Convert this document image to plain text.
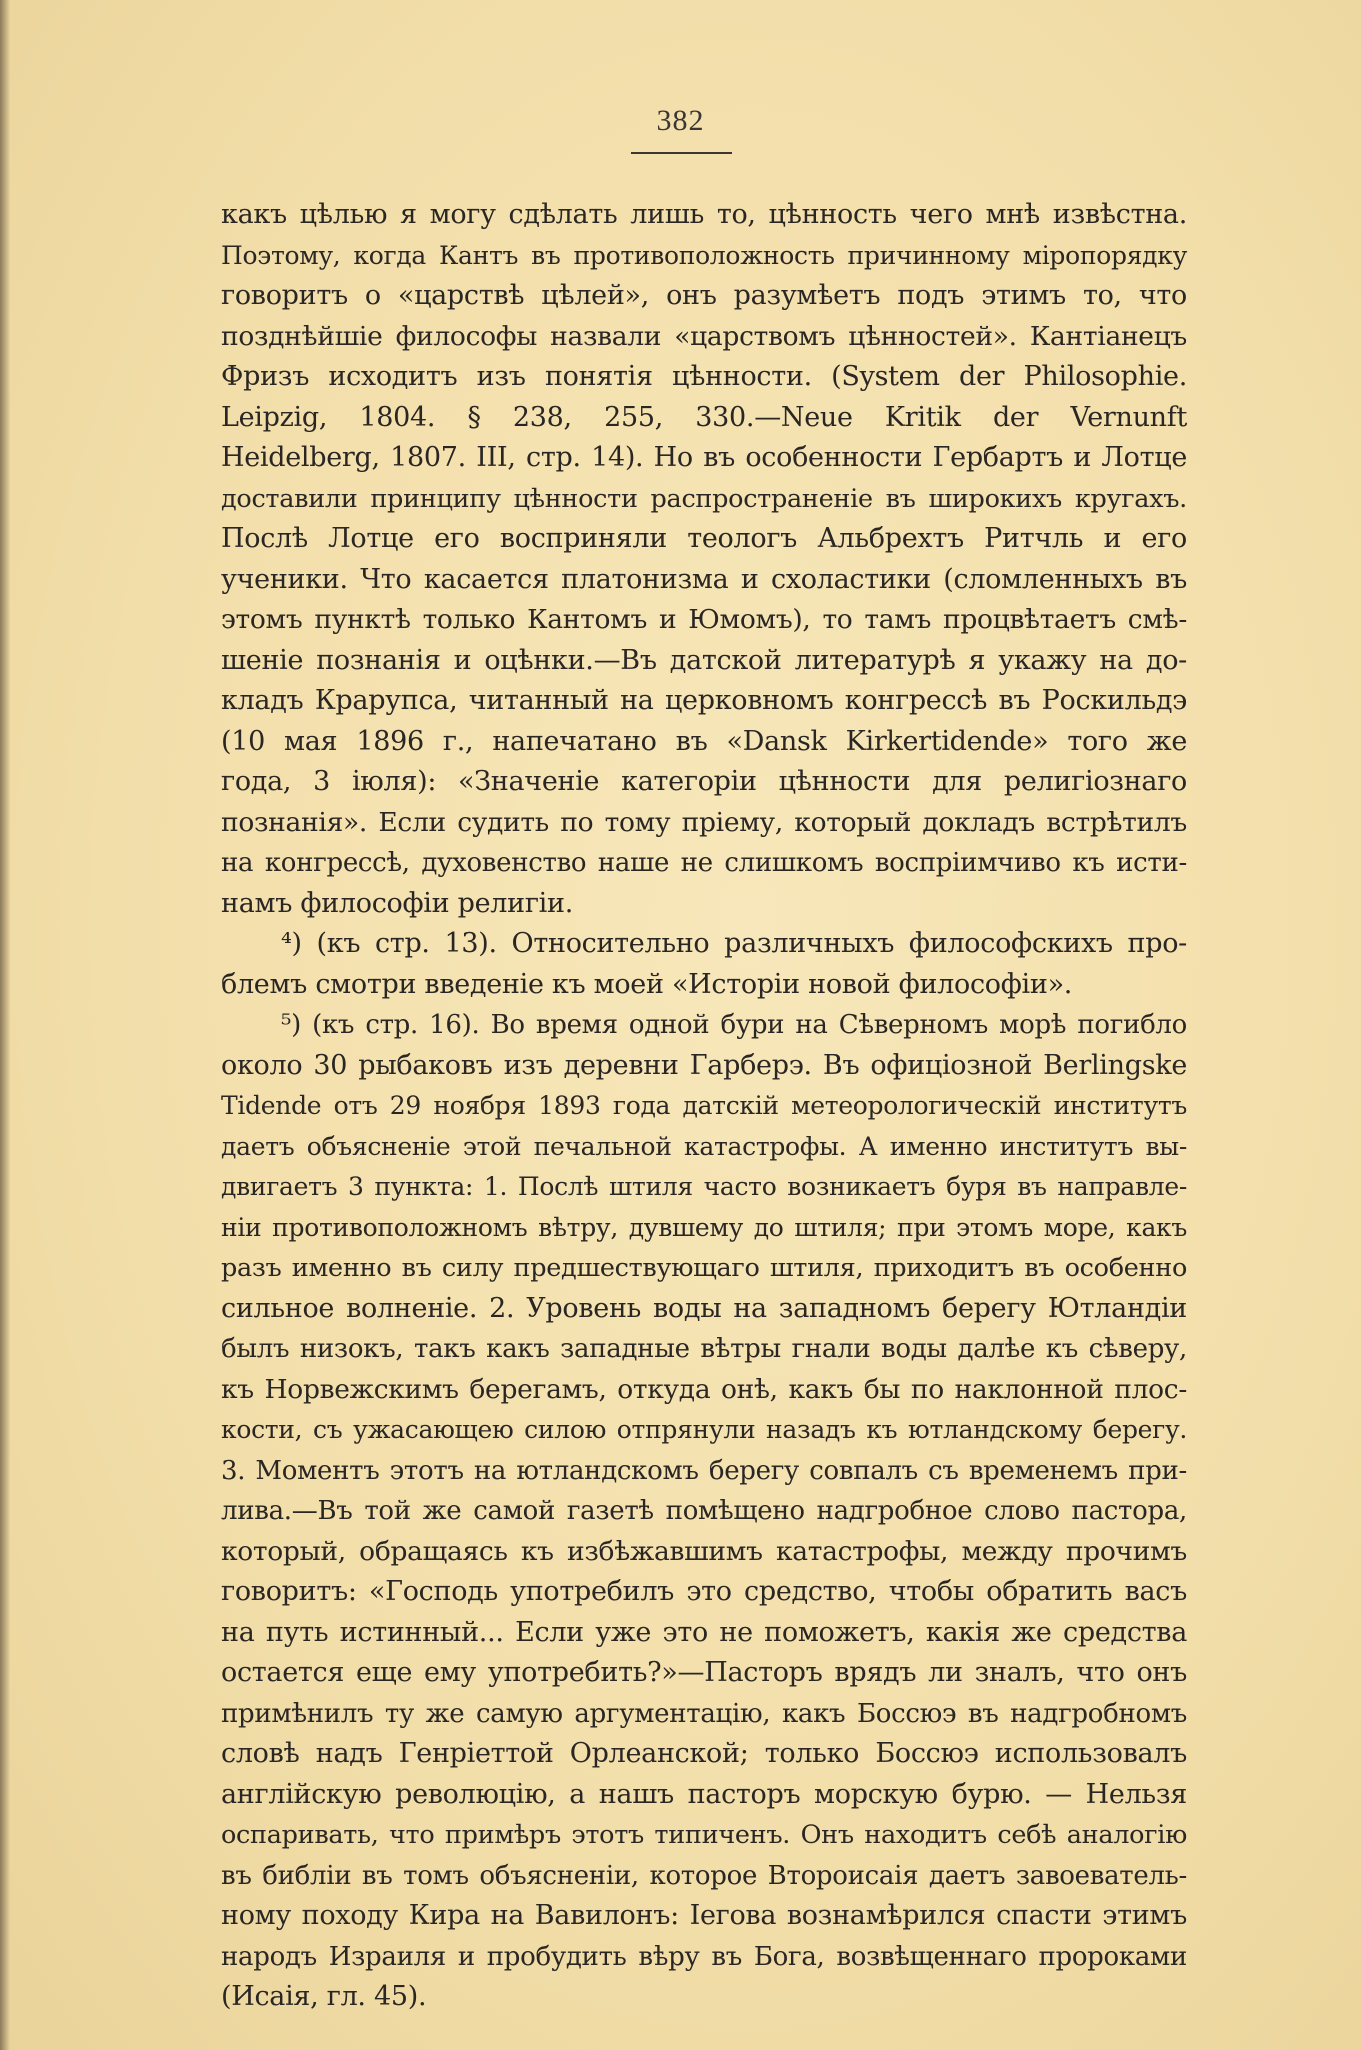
382
какъ цѣлью я могу сдѣлать лишь то, цѣнность чего мнѣ извѣстна.
Поэтому, когда Кантъ въ противоположность причинному міропорядку
говоритъ о «царствѣ цѣлей», онъ разумѣетъ подъ этимъ то, что
позднѣйшіе философы назвали «царствомъ цѣнностей». Кантіанецъ
Фризъ исходитъ изъ понятія цѣнности. (System der Philosophie.
Leipzig, 1804. § 238, 255, 330.—Neue Kritik der Vernunft
Heidelberg, 1807. III, стр. 14). Но въ особенности Гербартъ и Лотце
доставили принципу цѣнности распространеніе въ широкихъ кругахъ.
Послѣ Лотце его восприняли теологъ Альбрехтъ Ритчль и его
ученики. Что касается платонизма и схоластики (сломленныхъ въ
этомъ пунктѣ только Кантомъ и Юмомъ), то тамъ процвѣтаетъ смѣ-
шеніе познанія и оцѣнки.—Въ датской литературѣ я укажу на до-
кладъ Крарупса, читанный на церковномъ конгрессѣ въ Роскильдэ
(10 мая 1896 г., напечатано въ «Dansk Kirkertidende» того же
года, 3 іюля): «Значеніе категоріи цѣнности для религіознаго
познанія». Если судить по тому пріему, который докладъ встрѣтилъ
на конгрессѣ, духовенство наше не слишкомъ воспріимчиво къ исти-
намъ философіи религіи.
⁴) (къ стр. 13). Относительно различныхъ философскихъ про-
блемъ смотри введеніе къ моей «Исторіи новой философіи».
⁵) (къ стр. 16). Во время одной бури на Сѣверномъ морѣ погибло
около 30 рыбаковъ изъ деревни Гарберэ. Въ офиціозной Berlingske
Tidende отъ 29 ноября 1893 года датскій метеорологическій институтъ
даетъ объясненіе этой печальной катастрофы. А именно институтъ вы-
двигаетъ 3 пункта: 1. Послѣ штиля часто возникаетъ буря въ направле-
ніи противоположномъ вѣтру, дувшему до штиля; при этомъ море, какъ
разъ именно въ силу предшествующаго штиля, приходитъ въ особенно
сильное волненіе. 2. Уровень воды на западномъ берегу Ютландіи
былъ низокъ, такъ какъ западные вѣтры гнали воды далѣе къ сѣверу,
къ Норвежскимъ берегамъ, откуда онѣ, какъ бы по наклонной плос-
кости, съ ужасающею силою отпрянули назадъ къ ютландскому берегу.
3. Моментъ этотъ на ютландскомъ берегу совпалъ съ временемъ при-
лива.—Въ той же самой газетѣ помѣщено надгробное слово пастора,
который, обращаясь къ избѣжавшимъ катастрофы, между прочимъ
говоритъ: «Господь употребилъ это средство, чтобы обратить васъ
на путь истинный... Если уже это не поможетъ, какія же средства
остается еще ему употребить?»—Пасторъ врядъ ли зналъ, что онъ
примѣнилъ ту же самую аргументацію, какъ Боссюэ въ надгробномъ
словѣ надъ Генріеттой Орлеанской; только Боссюэ использовалъ
англійскую революцію, а нашъ пасторъ морскую бурю. — Нельзя
оспаривать, что примѣръ этотъ типиченъ. Онъ находитъ себѣ аналогію
въ библіи въ томъ объясненіи, которое Второисаія даетъ завоеватель-
ному походу Кира на Вавилонъ: Іегова вознамѣрился спасти этимъ
народъ Израиля и пробудить вѣру въ Бога, возвѣщеннаго пророками
(Исаія, гл. 45).
